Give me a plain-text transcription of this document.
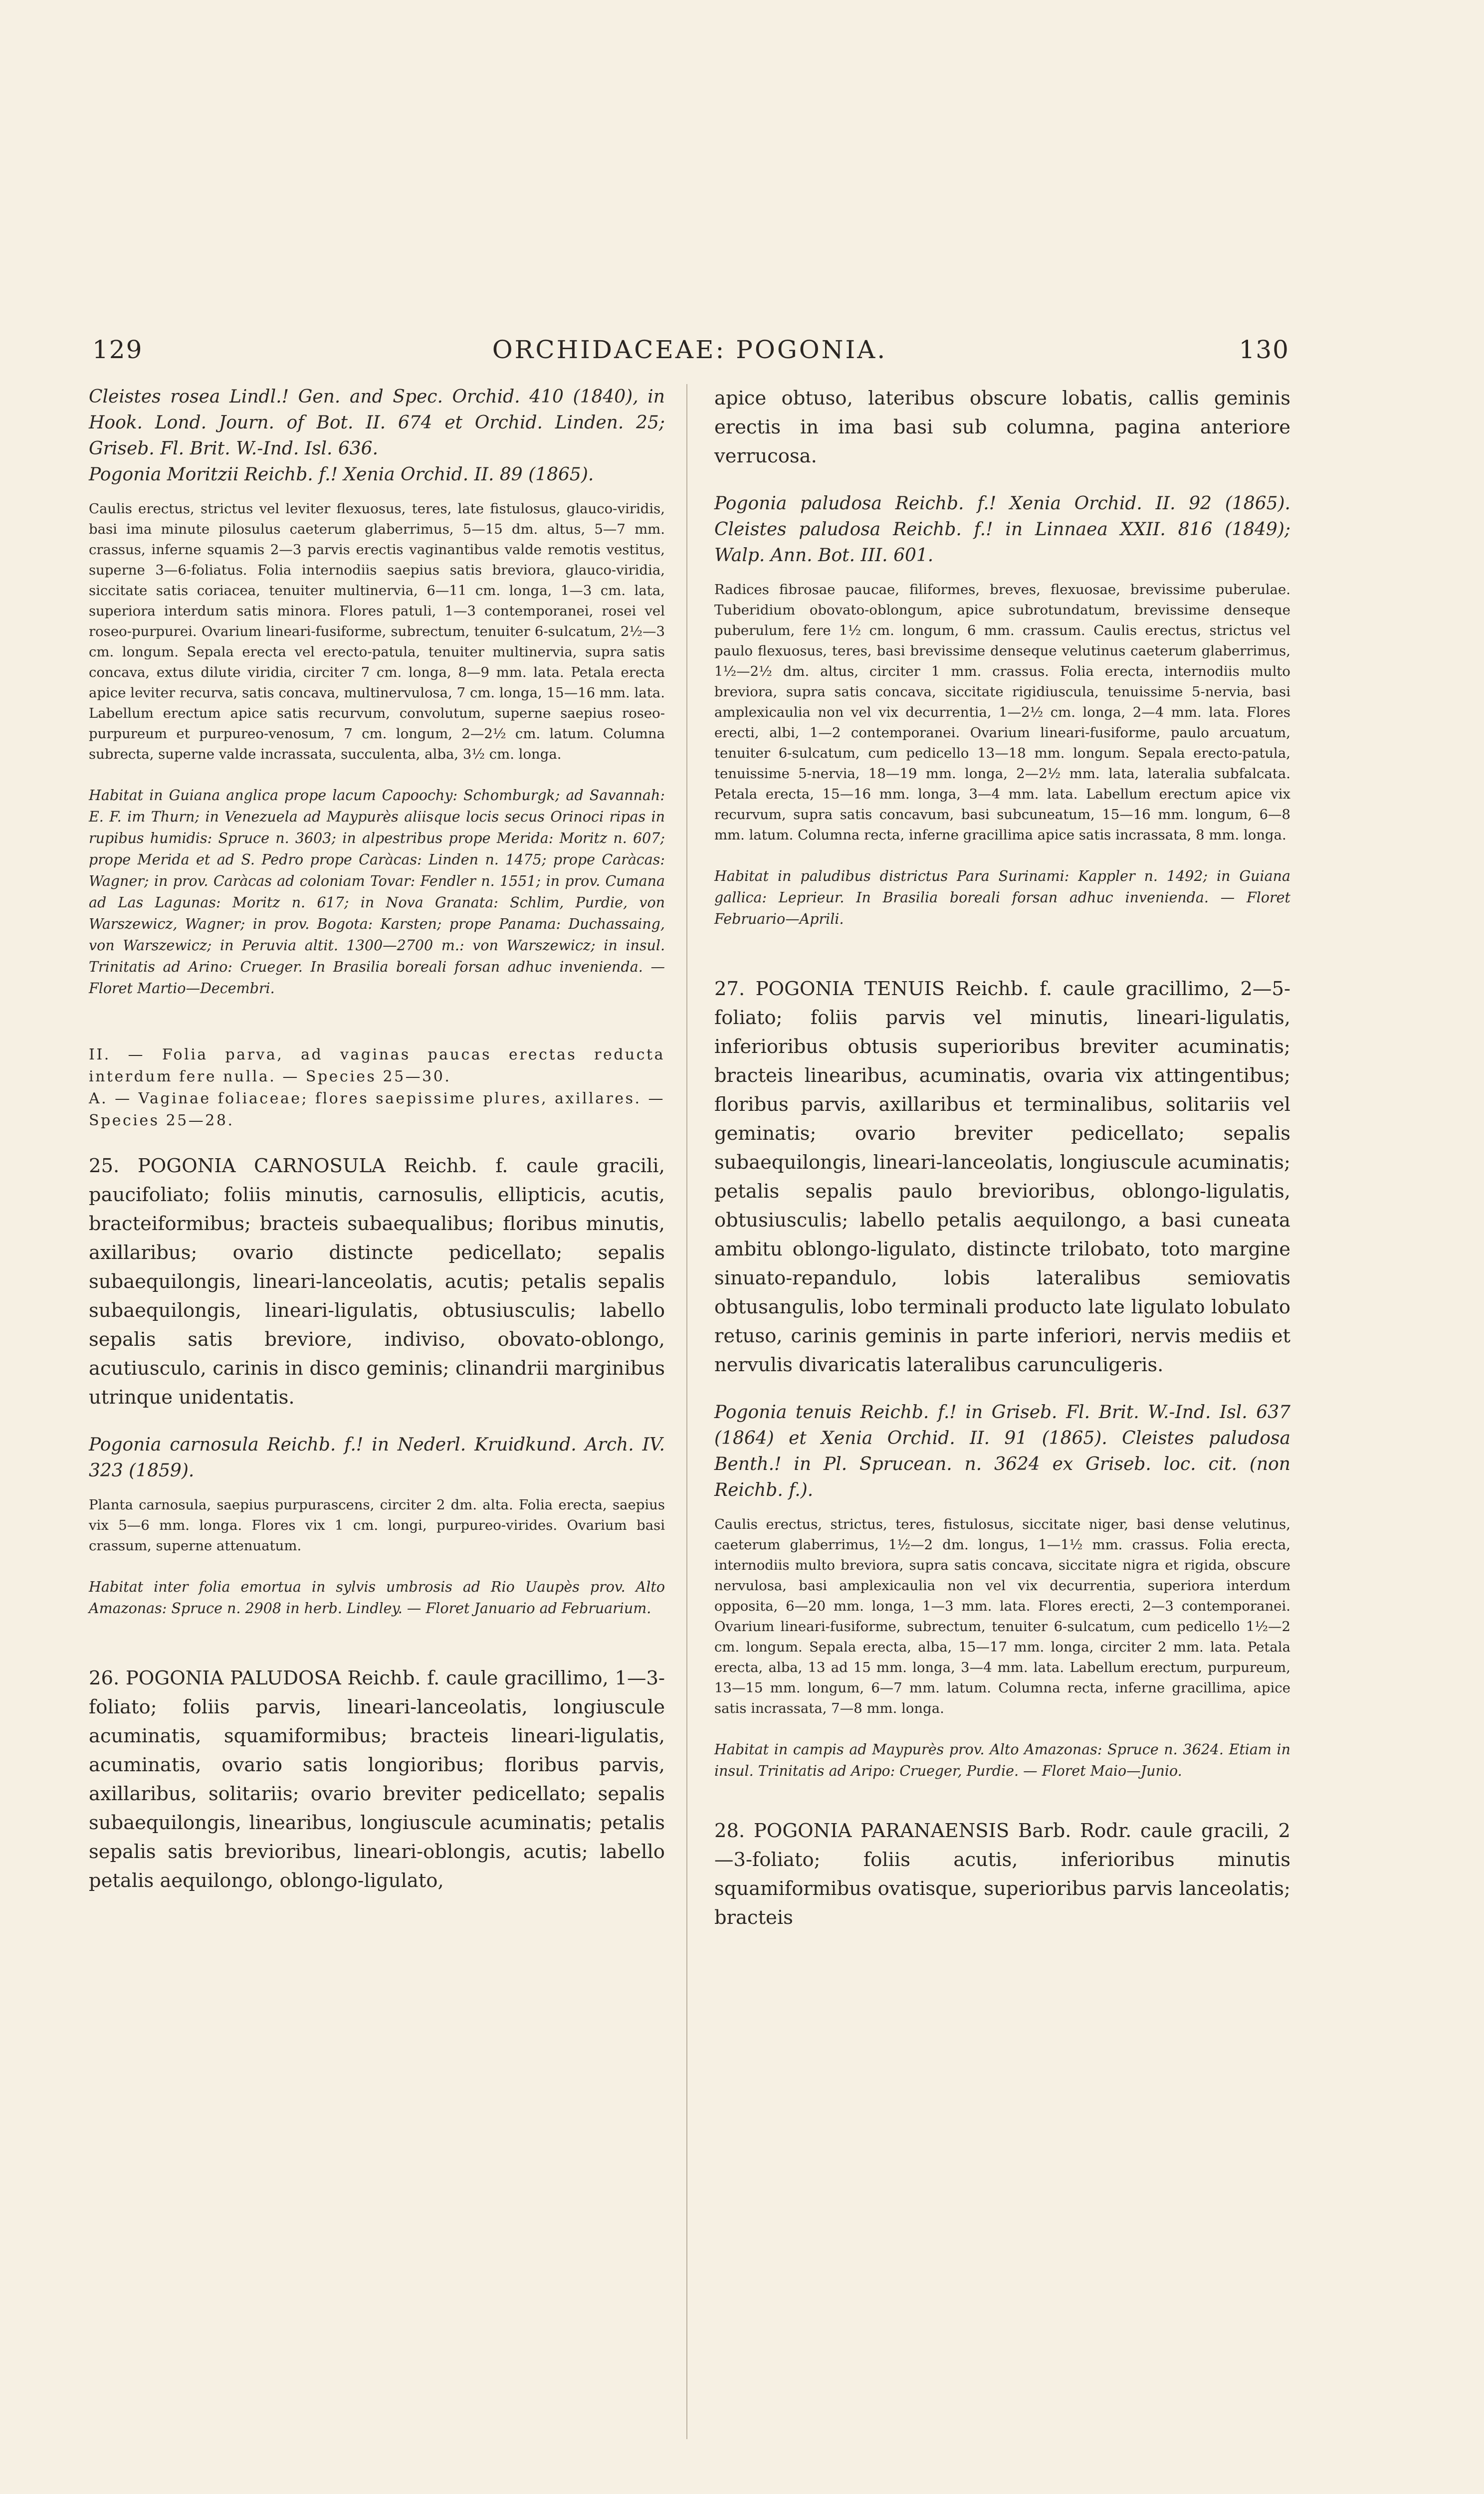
129	ORCHIDACEAE: POGONIA.	130

Cleistes rosea Lindl.! Gen. and Spec. Orchid. 410 (1840), in Hook. Lond. Journ. of Bot. II. 674 et Orchid. Linden. 25; Griseb. Fl. Brit. W.-Ind. Isl. 636.

Pogonia Moritzii Reichb. f.! Xenia Orchid. II. 89 (1865).

Caulis erectus, strictus vel leviter flexuosus, teres, late fistulosus, glauco-viridis, basi ima minute pilosulus caeterum glaberrimus, 5—15 dm. altus, 5—7 mm. crassus, inferne squamis 2—3 parvis erectis vaginantibus valde remotis vestitus, superne 3—6-foliatus. Folia internodiis saepius satis breviora, glauco-viridia, siccitate satis coriacea, tenuiter multinervia, 6—11 cm. longa, 1—3 cm. lata, superiora interdum satis minora. Flores patuli, 1—3 contemporanei, rosei vel roseo-purpurei. Ovarium lineari-fusiforme, subrectum, tenuiter 6-sulcatum, 2½—3 cm. longum. Sepala erecta vel erecto-patula, tenuiter multinervia, supra satis concava, extus dilute viridia, circiter 7 cm. longa, 8—9 mm. lata. Petala erecta apice leviter recurva, satis concava, multinervulosa, 7 cm. longa, 15—16 mm. lata. Labellum erectum apice satis recurvum, convolutum, superne saepius roseo-purpureum et purpureo-venosum, 7 cm. longum, 2—2½ cm. latum. Columna subrecta, superne valde incrassata, succulenta, alba, 3½ cm. longa.

Habitat in Guiana anglica prope lacum Capoochy: Schomburgk; ad Savannah: E. F. im Thurn; in Venezuela ad Maypurès aliisque locis secus Orinoci ripas in rupibus humidis: Spruce n. 3603; in alpestribus prope Merida: Moritz n. 607; prope Merida et ad S. Pedro prope Caràcas: Linden n. 1475; prope Caràcas: Wagner; in prov. Caràcas ad coloniam Tovar: Fendler n. 1551; in prov. Cumana ad Las Lagunas: Moritz n. 617; in Nova Granata: Schlim, Purdie, von Warszewicz, Wagner; in prov. Bogota: Karsten; prope Panama: Duchassaing, von Warszewicz; in Peruvia altit. 1300—2700 m.: von Warszewicz; in insul. Trinitatis ad Arino: Crueger. In Brasilia boreali forsan adhuc invenienda. — Floret Martio—Decembri.

II. — Folia parva, ad vaginas paucas erectas reducta interdum fere nulla. — Species 25—30.

A. — Vaginae foliaceae; flores saepissime plures, axillares. — Species 25—28.

25. POGONIA CARNOSULA Reichb. f. caule gracili, paucifoliato; foliis minutis, carnosulis, ellipticis, acutis, bracteiformibus; bracteis subaequalibus; floribus minutis, axillaribus; ovario distincte pedicellato; sepalis subaequilongis, lineari-lanceolatis, acutis; petalis sepalis subaequilongis, lineari-ligulatis, obtusiusculis; labello sepalis satis breviore, indiviso, obovato-oblongo, acutiusculo, carinis in disco geminis; clinandrii marginibus utrinque unidentatis.

Pogonia carnosula Reichb. f.! in Nederl. Kruidkund. Arch. IV. 323 (1859).

Planta carnosula, saepius purpurascens, circiter 2 dm. alta. Folia erecta, saepius vix 5—6 mm. longa. Flores vix 1 cm. longi, purpureo-virides. Ovarium basi crassum, superne attenuatum.

Habitat inter folia emortua in sylvis umbrosis ad Rio Uaupès prov. Alto Amazonas: Spruce n. 2908 in herb. Lindley. — Floret Januario ad Februarium.

26. POGONIA PALUDOSA Reichb. f. caule gracillimo, 1—3-foliato; foliis parvis, lineari-lanceolatis, longiuscule acuminatis, squamiformibus; bracteis lineari-ligulatis, acuminatis, ovario satis longioribus; floribus parvis, axillaribus, solitariis; ovario breviter pedicellato; sepalis subaequilongis, linearibus, longiuscule acuminatis; petalis sepalis satis brevioribus, lineari-oblongis, acutis; labello petalis aequilongo, oblongo-ligulato,

apice obtuso, lateribus obscure lobatis, callis geminis erectis in ima basi sub columna, pagina anteriore verrucosa.

Pogonia paludosa Reichb. f.! Xenia Orchid. II. 92 (1865). Cleistes paludosa Reichb. f.! in Linnaea XXII. 816 (1849); Walp. Ann. Bot. III. 601.

Radices fibrosae paucae, filiformes, breves, flexuosae, brevissime puberulae. Tuberidium obovato-oblongum, apice subrotundatum, brevissime denseque puberulum, fere 1½ cm. longum, 6 mm. crassum. Caulis erectus, strictus vel paulo flexuosus, teres, basi brevissime denseque velutinus caeterum glaberrimus, 1½—2½ dm. altus, circiter 1 mm. crassus. Folia erecta, internodiis multo breviora, supra satis concava, siccitate rigidiuscula, tenuissime 5-nervia, basi amplexicaulia non vel vix decurrentia, 1—2½ cm. longa, 2—4 mm. lata. Flores erecti, albi, 1—2 contemporanei. Ovarium lineari-fusiforme, paulo arcuatum, tenuiter 6-sulcatum, cum pedicello 13—18 mm. longum. Sepala erecto-patula, tenuissime 5-nervia, 18—19 mm. longa, 2—2½ mm. lata, lateralia subfalcata. Petala erecta, 15—16 mm. longa, 3—4 mm. lata. Labellum erectum apice vix recurvum, supra satis concavum, basi subcuneatum, 15—16 mm. longum, 6—8 mm. latum. Columna recta, inferne gracillima apice satis incrassata, 8 mm. longa.

Habitat in paludibus districtus Para Surinami: Kappler n. 1492; in Guiana gallica: Leprieur. In Brasilia boreali forsan adhuc invenienda. — Floret Februario—Aprili.

27. POGONIA TENUIS Reichb. f. caule gracillimo, 2—5-foliato; foliis parvis vel minutis, lineari-ligulatis, inferioribus obtusis superioribus breviter acuminatis; bracteis linearibus, acuminatis, ovaria vix attingentibus; floribus parvis, axillaribus et terminalibus, solitariis vel geminatis; ovario breviter pedicellato; sepalis subaequilongis, lineari-lanceolatis, longiuscule acuminatis; petalis sepalis paulo brevioribus, oblongo-ligulatis, obtusiusculis; labello petalis aequilongo, a basi cuneata ambitu oblongo-ligulato, distincte trilobato, toto margine sinuato-repandulo, lobis lateralibus semiovatis obtusangulis, lobo terminali producto late ligulato lobulato retuso, carinis geminis in parte inferiori, nervis mediis et nervulis divaricatis lateralibus carunculigeris.

Pogonia tenuis Reichb. f.! in Griseb. Fl. Brit. W.-Ind. Isl. 637 (1864) et Xenia Orchid. II. 91 (1865). Cleistes paludosa Benth.! in Pl. Sprucean. n. 3624 ex Griseb. loc. cit. (non Reichb. f.).

Caulis erectus, strictus, teres, fistulosus, siccitate niger, basi dense velutinus, caeterum glaberrimus, 1½—2 dm. longus, 1—1½ mm. crassus. Folia erecta, internodiis multo breviora, supra satis concava, siccitate nigra et rigida, obscure nervulosa, basi amplexicaulia non vel vix decurrentia, superiora interdum opposita, 6—20 mm. longa, 1—3 mm. lata. Flores erecti, 2—3 contemporanei. Ovarium lineari-fusiforme, subrectum, tenuiter 6-sulcatum, cum pedicello 1½—2 cm. longum. Sepala erecta, alba, 15—17 mm. longa, circiter 2 mm. lata. Petala erecta, alba, 13 ad 15 mm. longa, 3—4 mm. lata. Labellum erectum, purpureum, 13—15 mm. longum, 6—7 mm. latum. Columna recta, inferne gracillima, apice satis incrassata, 7—8 mm. longa.

Habitat in campis ad Maypurès prov. Alto Amazonas: Spruce n. 3624. Etiam in insul. Trinitatis ad Aripo: Crueger, Purdie. — Floret Maio—Junio.

28. POGONIA PARANAENSIS Barb. Rodr. caule gracili, 2—3-foliato; foliis acutis, inferioribus minutis squamiformibus ovatisque, superioribus parvis lanceolatis; bracteis
